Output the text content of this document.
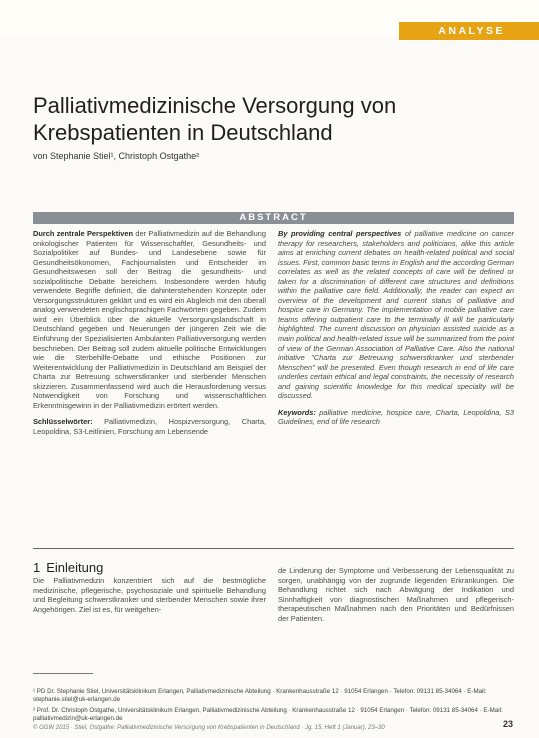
ANALYSE
Palliativmedizinische Versorgung von Krebspatienten in Deutschland
von Stephanie Stiel¹, Christoph Ostgathe²
ABSTRACT

Durch zentrale Perspektiven der Palliativmedizin auf die Behandlung onkologischer Patienten für Wissenschaftler, Gesundheits- und Sozialpolitiker auf Bundes- und Landesebene sowie für Gesundheitsökonomen, Fachjournalisten und Entscheider im Gesundheitswesen soll der Beitrag die gesundheits- und sozialpolitische Debatte bereichern. Insbesondere werden häufig verwendete Begriffe definiert, die dahinterstehenden Konzepte oder Versorgungsstrukturen geklärt und es wird ein Abgleich mit den überall analog verwendeten englischsprachigen Fachwörtern gegeben. Zudem wird ein Überblick über die aktuelle Versorgungslandschaft in Deutschland gegeben und Neuerungen der jüngeren Zeit wie die Einführung der Spezialisierten Ambulanten Palliativversorgung werden beschrieben. Der Beitrag soll zudem aktuelle politische Entwicklungen wie die Sterbehilfe-Debatte und ethische Positionen zur Weiterentwicklung der Palliativmedizin in Deutschland am Beispiel der Charta zur Betreuung schwerstkranker und sterbender Menschen skizzieren. Zusammenfassend wird auch die Herausforderung versus Notwendigkeit von Forschung und wissenschaftlichen Erkenntnisgewinn in der Palliativmedizin erörtert werden.

Schlüsselwörter: Palliativmedizin, Hospizversorgung, Charta, Leopoldina, S3-Leitlinien, Forschung am Lebensende

By providing central perspectives of palliative medicine on cancer therapy for researchers, stakeholders and politicians, alike this article aims at enriching current debates on health-related political and social issues. First, common basic terms in English and the according German correlates as well as the related concepts of care will be defined or taken for a discrimination of different care structures and definitions within the palliative care field. Additionally, the reader can expect an overview of the development and current status of palliative and hospice care in Germany. The implementation of mobile palliative care teams offering outpatient care to the terminally ill will be particularly highlighted. The current discussion on physician assisted suicide as a main political and health-related issue will be summarized from the point of view of the German Association of Palliative Care. Also the national initiative "Charta zur Betreuung schwerstkranker und sterbender Menschen" will be presented. Even though research in end of life care underlies certain ethical and legal constraints, the necessity of research and gaining scientific knowledge for this medical specialty will be discussed.

Keywords: palliative medicine, hospice care, Charta, Leopoldina, S3 Guidelines, end of life research

1 Einleitung

Die Palliativmedizin konzentriert sich auf die bestmögliche medizinische, pflegerische, psychosoziale und spirituelle Behandlung und Begleitung schwerstkranker und sterbender Menschen sowie ihrer Angehörigen. Ziel ist es, für weitgehen-

de Linderung der Symptome und Verbesserung der Lebensqualität zu sorgen, unabhängig von der zugrunde liegenden Erkrankungen. Die Behandlung richtet sich nach Abwägung der Indikation und Sinnhaftigkeit von diagnostischen Maßnahmen und pflegerisch-therapeutischen Maßnahmen nach den Prioritäten und Bedürfnissen der Patienten.

¹ PD Dr. Stephanie Stiel, Universitätsklinikum Erlangen, Palliativmedizinische Abteilung · Krankenhausstraße 12 · 91054 Erlangen · Telefon: 09131 85-34064 · E-Mail: stephanie.stiel@uk-erlangen.de
² Prof. Dr. Christoph Ostgathe, Universitätsklinikum Erlangen, Palliativmedizinische Abteilung · Krankenhausstraße 12 · 91054 Erlangen · Telefon: 09131 85-34064 · E-Mail: palliativmedizin@uk-erlangen.de
© GGW 2015 · Stiel, Ostgathe: Palliativmedizinische Versorgung von Krebspatienten in Deutschland · Jg. 15, Heft 1 (Januar), 23–30	23
